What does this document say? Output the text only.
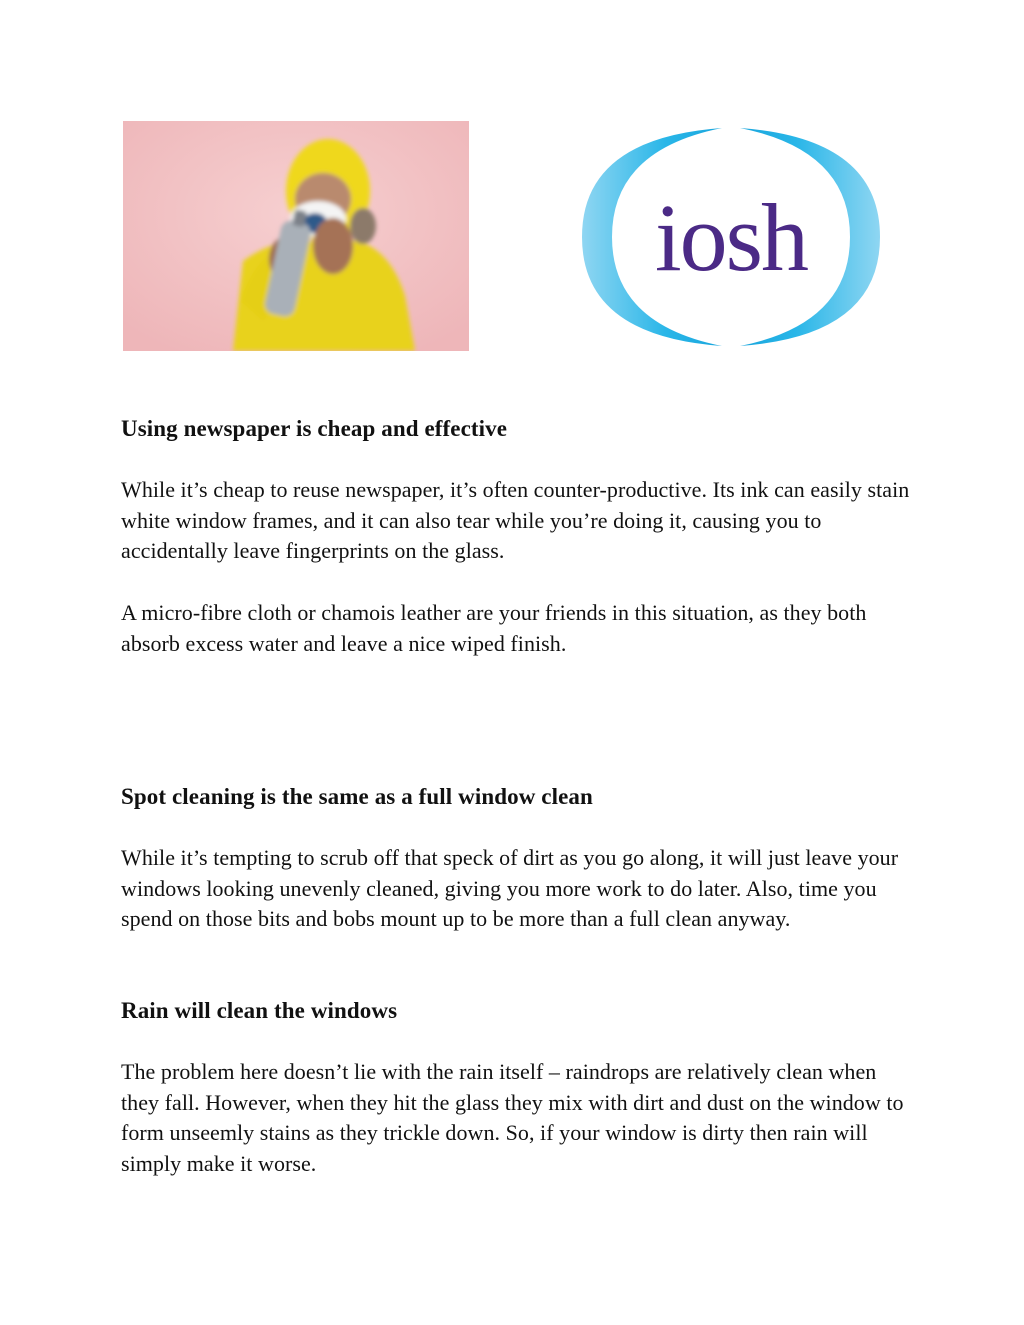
iosh
Using newspaper is cheap and effective

While it’s cheap to reuse newspaper, it’s often counter-productive. Its ink can easily stain white window frames, and it can also tear while you’re doing it, causing you to accidentally leave fingerprints on the glass.

A micro-fibre cloth or chamois leather are your friends in this situation, as they both absorb excess water and leave a nice wiped finish.

Spot cleaning is the same as a full window clean

While it’s tempting to scrub off that speck of dirt as you go along, it will just leave your windows looking unevenly cleaned, giving you more work to do later. Also, time you spend on those bits and bobs mount up to be more than a full clean anyway.

Rain will clean the windows

The problem here doesn’t lie with the rain itself – raindrops are relatively clean when they fall. However, when they hit the glass they mix with dirt and dust on the window to form unseemly stains as they trickle down. So, if your window is dirty then rain will simply make it worse.
